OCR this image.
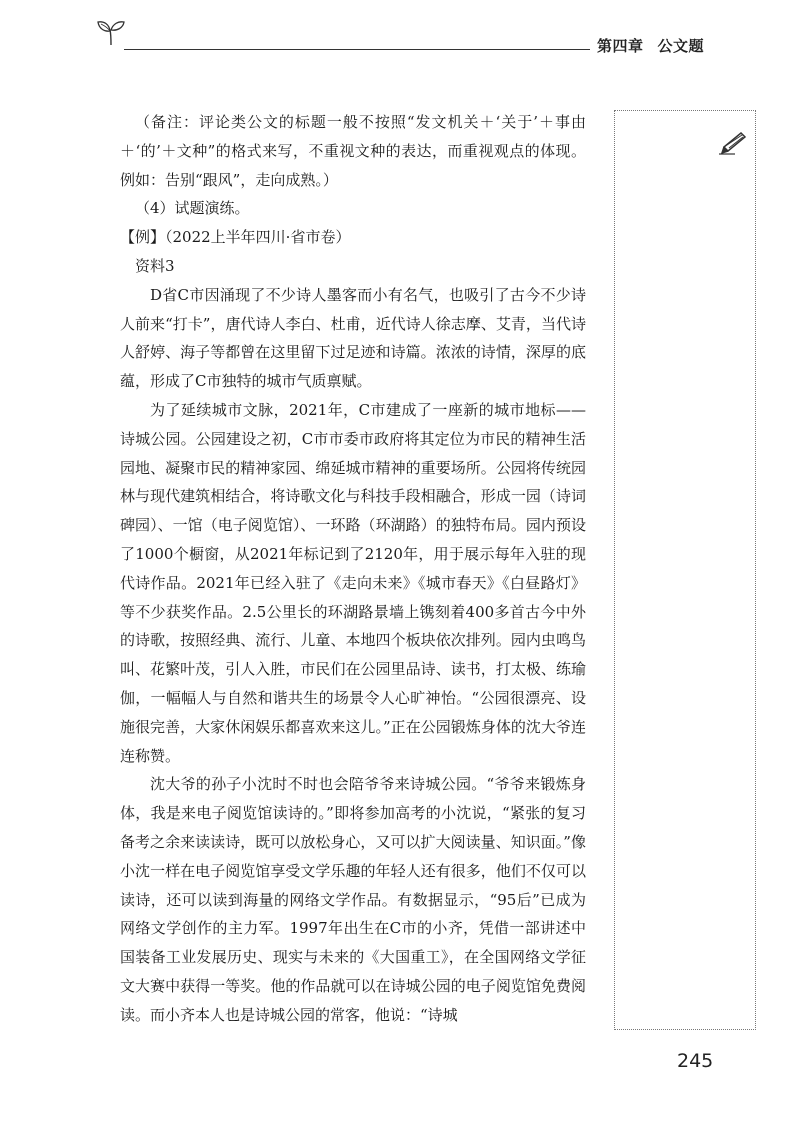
第四章 公文题

（备注：评论类公文的标题一般不按照“发文机关＋‘关于’＋事由＋‘的’＋文种”的格式来写，不重视文种的表达，而重视观点的体现。例如：告别“跟风”，走向成熟。）

（4）试题演练。

【例】（2022上半年四川·省市卷）

资料3

D省C市因涌现了不少诗人墨客而小有名气，也吸引了古今不少诗人前来“打卡”，唐代诗人李白、杜甫，近代诗人徐志摩、艾青，当代诗人舒婷、海子等都曾在这里留下过足迹和诗篇。浓浓的诗情，深厚的底蕴，形成了C市独特的城市气质禀赋。

为了延续城市文脉，2021年，C市建成了一座新的城市地标——诗城公园。公园建设之初，C市市委市政府将其定位为市民的精神生活园地、凝聚市民的精神家园、绵延城市精神的重要场所。公园将传统园林与现代建筑相结合，将诗歌文化与科技手段相融合，形成一园（诗词碑园）、一馆（电子阅览馆）、一环路（环湖路）的独特布局。园内预设了1000个橱窗，从2021年标记到了2120年，用于展示每年入驻的现代诗作品。2021年已经入驻了《走向未来》《城市春天》《白昼路灯》等不少获奖作品。2.5公里长的环湖路景墙上镌刻着400多首古今中外的诗歌，按照经典、流行、儿童、本地四个板块依次排列。园内虫鸣鸟叫、花繁叶茂，引人入胜，市民们在公园里品诗、读书，打太极、练瑜伽，一幅幅人与自然和谐共生的场景令人心旷神怡。“公园很漂亮、设施很完善，大家休闲娱乐都喜欢来这儿。”正在公园锻炼身体的沈大爷连连称赞。

沈大爷的孙子小沈时不时也会陪爷爷来诗城公园。“爷爷来锻炼身体，我是来电子阅览馆读诗的。”即将参加高考的小沈说，“紧张的复习备考之余来读读诗，既可以放松身心，又可以扩大阅读量、知识面。”像小沈一样在电子阅览馆享受文学乐趣的年轻人还有很多，他们不仅可以读诗，还可以读到海量的网络文学作品。有数据显示，“95后”已成为网络文学创作的主力军。1997年出生在C市的小齐，凭借一部讲述中国装备工业发展历史、现实与未来的《大国重工》，在全国网络文学征文大赛中获得一等奖。他的作品就可以在诗城公园的电子阅览馆免费阅读。而小齐本人也是诗城公园的常客，他说：“诗城

245
